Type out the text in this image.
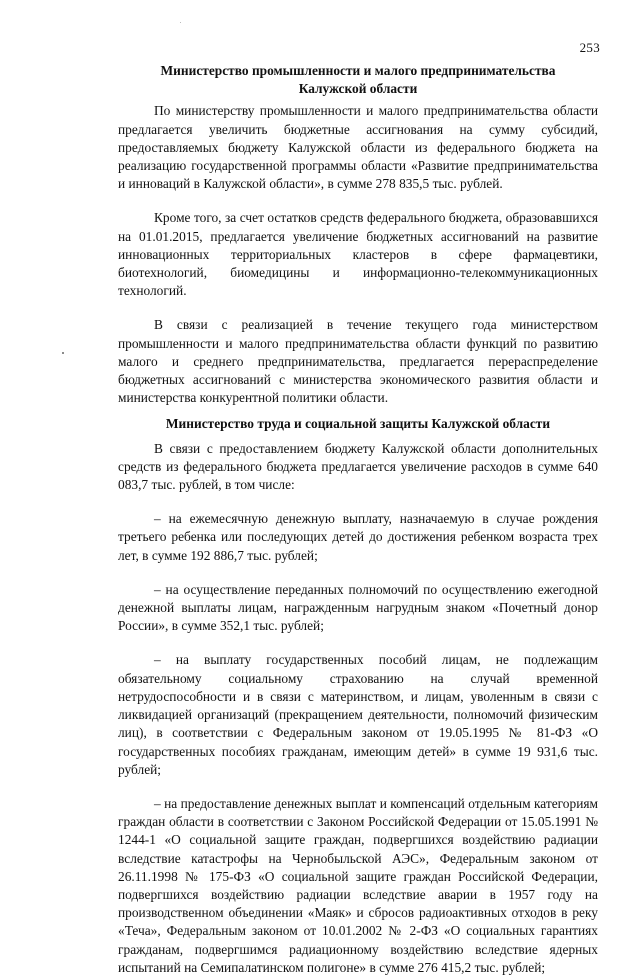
253

Министерство промышленности и малого предпринимательства
Калужской области

По министерству промышленности и малого предпринимательства области предлагается увеличить бюджетные ассигнования на сумму субсидий, предоставляемых бюджету Калужской области из федерального бюджета на реализацию государственной программы области «Развитие предпринимательства и инноваций в Калужской области», в сумме 278 835,5 тыс. рублей.

Кроме того, за счет остатков средств федерального бюджета, образовавшихся на 01.01.2015, предлагается увеличение бюджетных ассигнований на развитие инновационных территориальных кластеров в сфере фармацевтики, биотехнологий, биомедицины и информационно-телекоммуникационных технологий.

В связи с реализацией в течение текущего года министерством промышленности и малого предпринимательства области функций по развитию малого и среднего предпринимательства, предлагается перераспределение бюджетных ассигнований с министерства экономического развития области и министерства конкурентной политики области.

Министерство труда и социальной защиты Калужской области

В связи с предоставлением бюджету Калужской области дополнительных средств из федерального бюджета предлагается увеличение расходов в сумме 640 083,7 тыс. рублей, в том числе:

– на ежемесячную денежную выплату, назначаемую в случае рождения третьего ребенка или последующих детей до достижения ребенком возраста трех лет, в сумме 192 886,7 тыс. рублей;

– на осуществление переданных полномочий по осуществлению ежегодной денежной выплаты лицам, награжденным нагрудным знаком «Почетный донор России», в сумме 352,1 тыс. рублей;

– на выплату государственных пособий лицам, не подлежащим обязательному социальному страхованию на случай временной нетрудоспособности и в связи с материнством, и лицам, уволенным в связи с ликвидацией организаций (прекращением деятельности, полномочий физическим лиц), в соответствии с Федеральным законом от 19.05.1995 № 81-ФЗ «О государственных пособиях гражданам, имеющим детей» в сумме 19 931,6 тыс. рублей;

– на предоставление денежных выплат и компенсаций отдельным категориям граждан области в соответствии с Законом Российской Федерации от 15.05.1991 № 1244-1 «О социальной защите граждан, подвергшихся воздействию радиации вследствие катастрофы на Чернобыльской АЭС», Федеральным законом от 26.11.1998 № 175-ФЗ «О социальной защите граждан Российской Федерации, подвергшихся воздействию радиации вследствие аварии в 1957 году на производственном объединении «Маяк» и сбросов радиоактивных отходов в реку «Теча», Федеральным законом от 10.01.2002 № 2-ФЗ «О социальных гарантиях гражданам, подвергшимся радиационному воздействию вследствие ядерных испытаний на Семипалатинском полигоне» в сумме 276 415,2 тыс. рублей;
